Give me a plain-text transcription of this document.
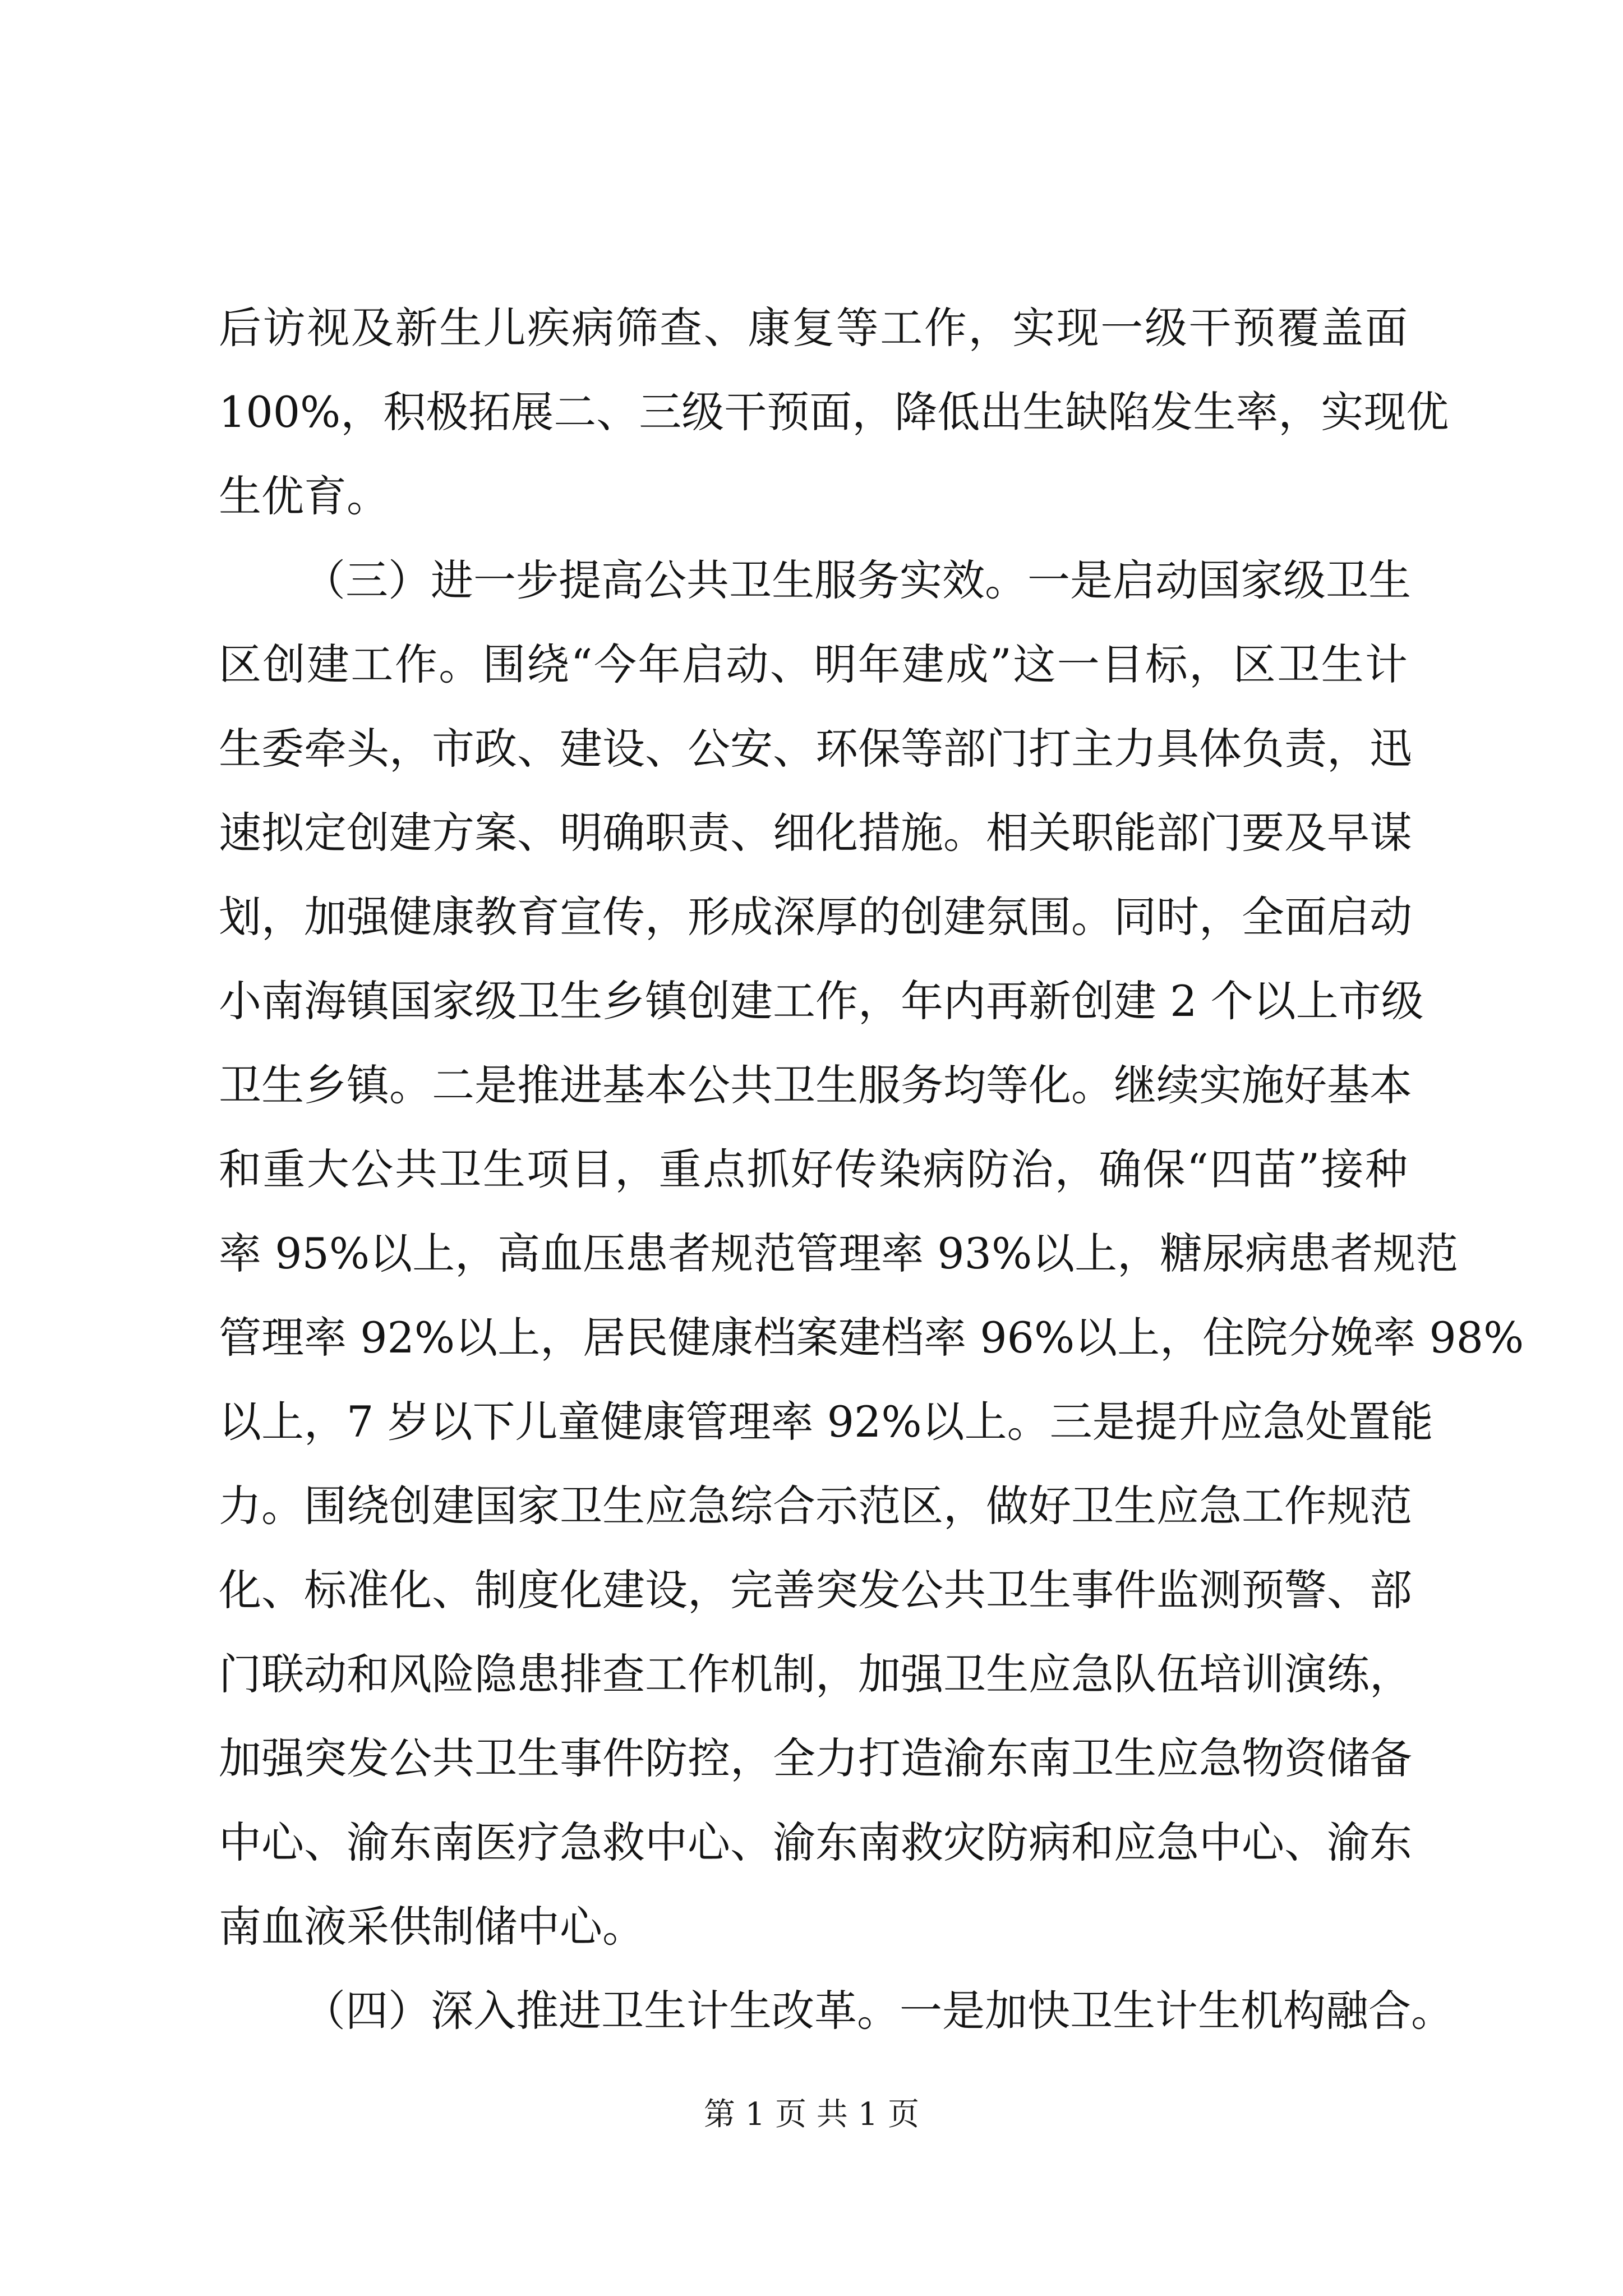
后访视及新生儿疾病筛查、康复等工作，实现一级干预覆盖面
100%，积极拓展二、三级干预面，降低出生缺陷发生率，实现优
生优育。
（三）进一步提高公共卫生服务实效。一是启动国家级卫生
区创建工作。围绕“今年启动、明年建成”这一目标，区卫生计
生委牵头，市政、建设、公安、环保等部门打主力具体负责，迅
速拟定创建方案、明确职责、细化措施。相关职能部门要及早谋
划，加强健康教育宣传，形成深厚的创建氛围。同时，全面启动
小南海镇国家级卫生乡镇创建工作，年内再新创建 2 个以上市级
卫生乡镇。二是推进基本公共卫生服务均等化。继续实施好基本
和重大公共卫生项目，重点抓好传染病防治，确保“四苗”接种
率 95%以上，高血压患者规范管理率 93%以上，糖尿病患者规范
管理率 92%以上，居民健康档案建档率 96%以上，住院分娩率 98%
以上，7 岁以下儿童健康管理率 92%以上。三是提升应急处置能
力。围绕创建国家卫生应急综合示范区，做好卫生应急工作规范
化、标准化、制度化建设，完善突发公共卫生事件监测预警、部
门联动和风险隐患排查工作机制，加强卫生应急队伍培训演练，
加强突发公共卫生事件防控，全力打造渝东南卫生应急物资储备
中心、渝东南医疗急救中心、渝东南救灾防病和应急中心、渝东
南血液采供制储中心。
（四）深入推进卫生计生改革。一是加快卫生计生机构融合。
第 1 页 共 1 页
